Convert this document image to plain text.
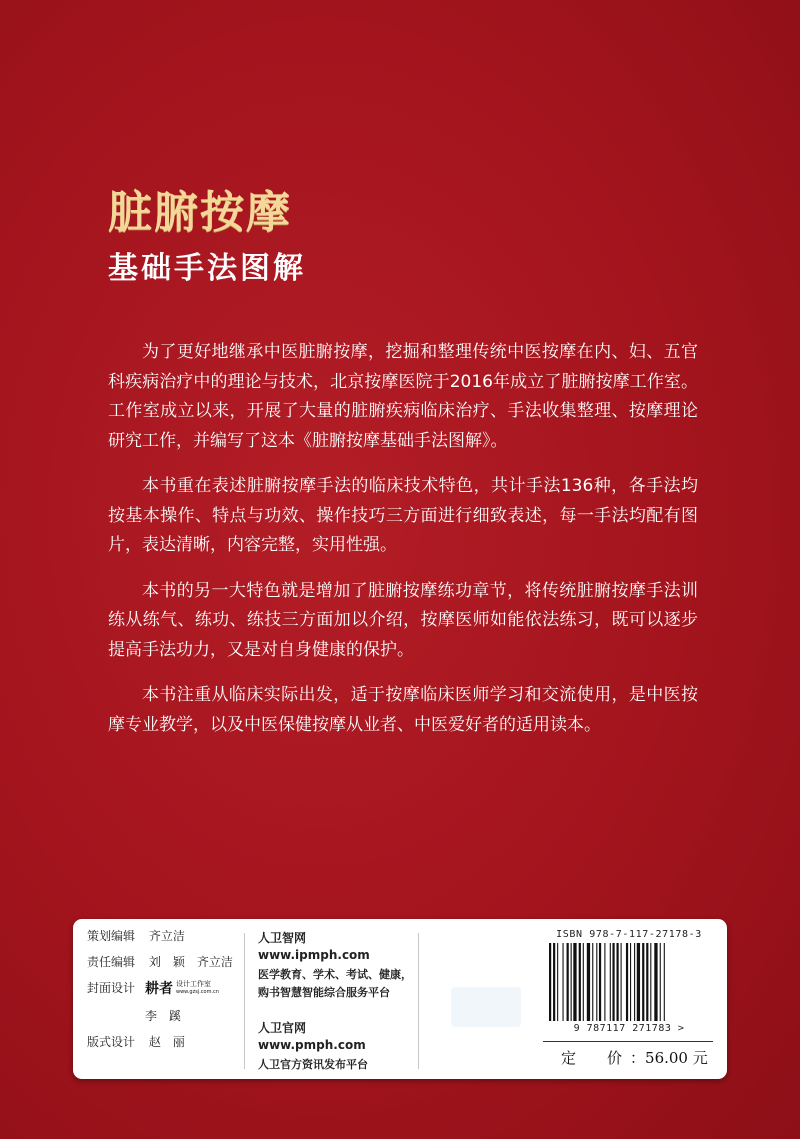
脏腑按摩
基础手法图解

为了更好地继承中医脏腑按摩，挖掘和整理传统中医按摩在内、妇、五官科疾病治疗中的理论与技术，北京按摩医院于2016年成立了脏腑按摩工作室。工作室成立以来，开展了大量的脏腑疾病临床治疗、手法收集整理、按摩理论研究工作，并编写了这本《脏腑按摩基础手法图解》。

本书重在表述脏腑按摩手法的临床技术特色，共计手法136种，各手法均按基本操作、特点与功效、操作技巧三方面进行细致表述，每一手法均配有图片，表达清晰，内容完整，实用性强。

本书的另一大特色就是增加了脏腑按摩练功章节，将传统脏腑按摩手法训练从练气、练功、练技三方面加以介绍，按摩医师如能依法练习，既可以逐步提高手法功力，又是对自身健康的保护。

本书注重从临床实际出发，适于按摩临床医师学习和交流使用，是中医按摩专业教学，以及中医保健按摩从业者、中医爱好者的适用读本。

策划编辑 齐立洁
责任编辑 刘　颖　齐立洁
封面设计 耕者 设计工作室
www.gzsj.com.cn
李　蹊
版式设计 赵　丽
人卫智网
www.ipmph.com
医学教育、学术、考试、健康，
购书智慧智能综合服务平台
人卫官网
www.pmph.com
人卫官方资讯发布平台
ISBN 978-7-117-27178-3
9 787117 271783 >
定　价：56.00 元
